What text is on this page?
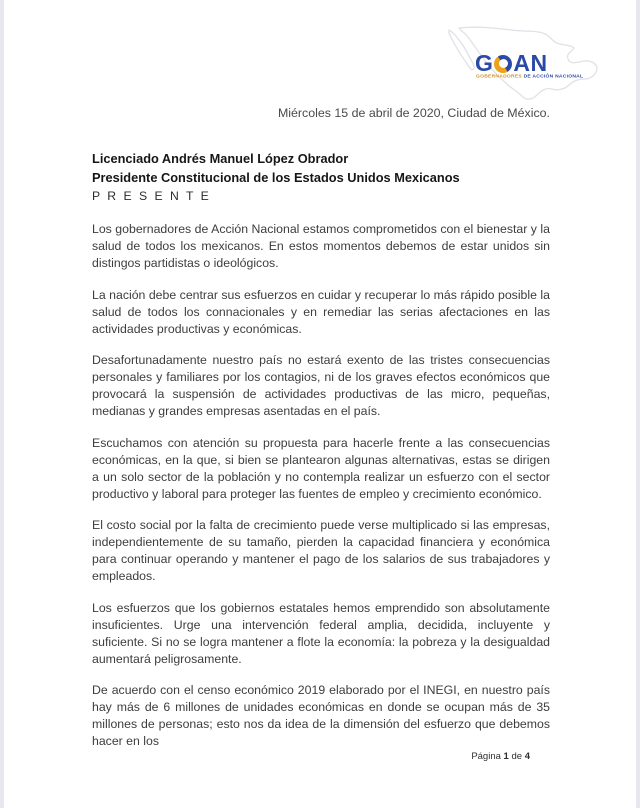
G AN
GOBERNADORES DE ACCIÓN NACIONAL
Miércoles 15 de abril de 2020, Ciudad de México.
Licenciado Andrés Manuel López Obrador
Presidente Constitucional de los Estados Unidos Mexicanos
P R E S E N T E

Los gobernadores de Acción Nacional estamos comprometidos con el bienestar y la salud de todos los mexicanos. En estos momentos debemos de estar unidos sin distingos partidistas o ideológicos.

La nación debe centrar sus esfuerzos en cuidar y recuperar lo más rápido posible la salud de todos los connacionales y en remediar las serias afectaciones en las actividades productivas y económicas.

Desafortunadamente nuestro país no estará exento de las tristes consecuencias personales y familiares por los contagios, ni de los graves efectos económicos que provocará la suspensión de actividades productivas de las micro, pequeñas, medianas y grandes empresas asentadas en el país.

Escuchamos con atención su propuesta para hacerle frente a las consecuencias económicas, en la que, si bien se plantearon algunas alternativas, estas se dirigen a un solo sector de la población y no contempla realizar un esfuerzo con el sector productivo y laboral para proteger las fuentes de empleo y crecimiento económico.

El costo social por la falta de crecimiento puede verse multiplicado si las empresas, independientemente de su tamaño, pierden la capacidad financiera y económica para continuar operando y mantener el pago de los salarios de sus trabajadores y empleados.

Los esfuerzos que los gobiernos estatales hemos emprendido son absolutamente insuficientes. Urge una intervención federal amplia, decidida, incluyente y suficiente. Si no se logra mantener a flote la economía: la pobreza y la desigualdad aumentará peligrosamente.

De acuerdo con el censo económico 2019 elaborado por el INEGI, en nuestro país hay más de 6 millones de unidades económicas en donde se ocupan más de 35 millones de personas; esto nos da idea de la dimensión del esfuerzo que debemos hacer en los

Página 1 de 4
